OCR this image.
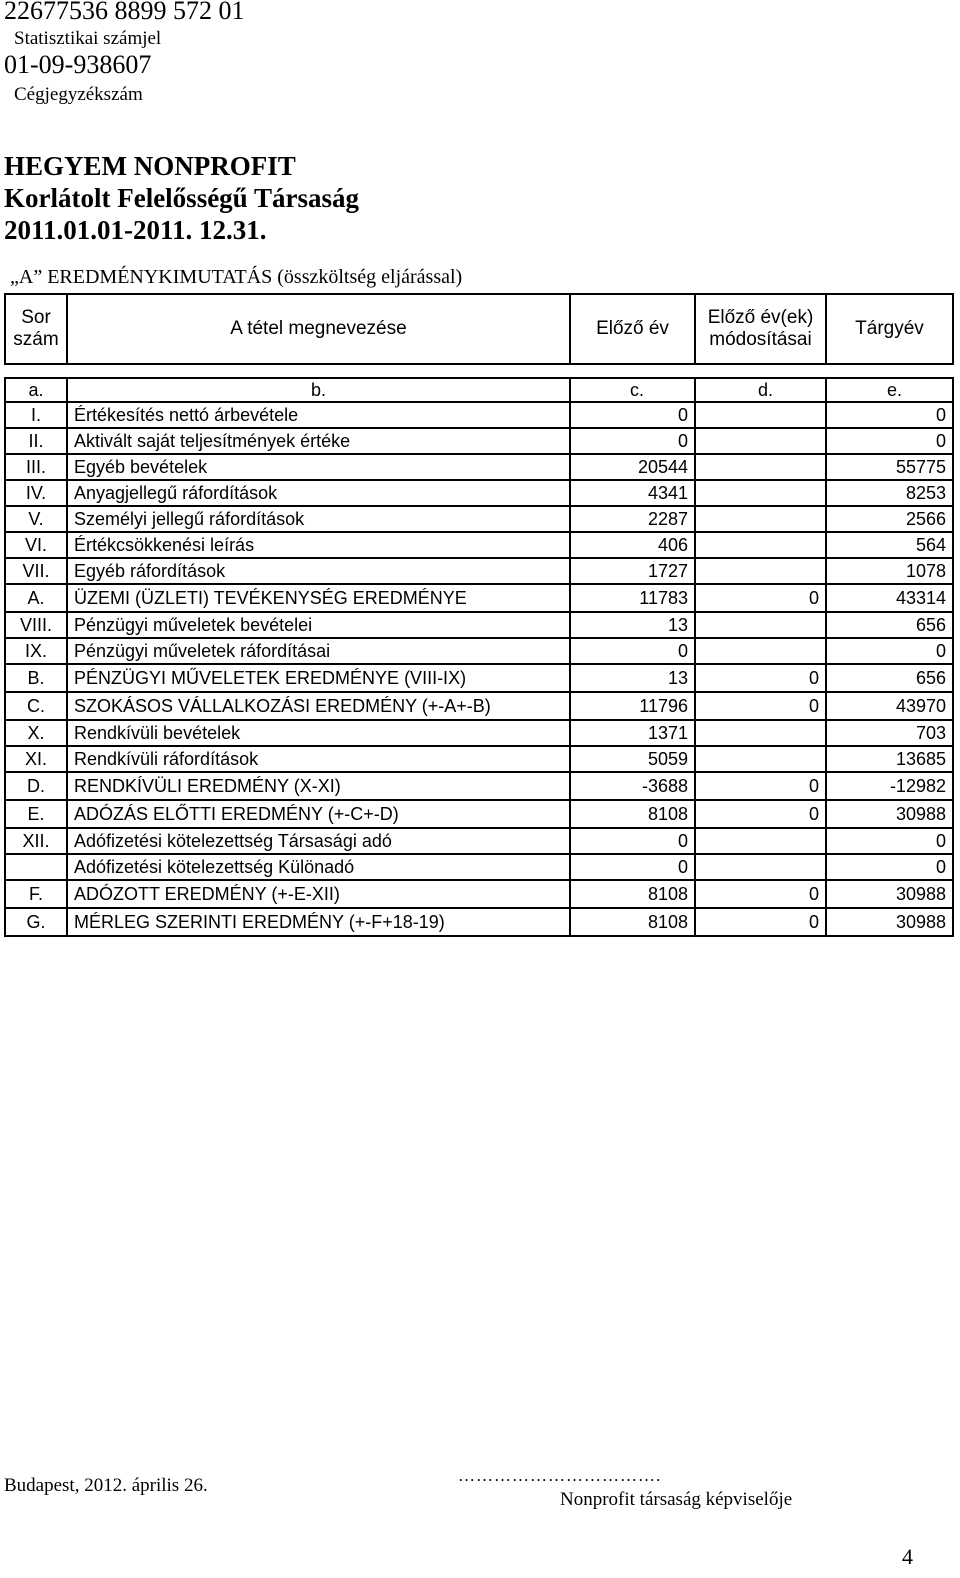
22677536 8899 572 01
Statisztikai számjel
01-09-938607
Cégjegyzékszám
HEGYEM NONPROFIT
Korlátolt Felelősségű Társaság
2011.01.01-2011. 12.31.
„A” EREDMÉNYKIMUTATÁS (összköltség eljárással)
Sor szám	A tétel megnevezése	Előző év	Előző év(ek) módosításai	Tárgyév

a.	b.	c.	d.	e.
I.	Értékesítés nettó árbevétele	0		0
II.	Aktivált saját teljesítmények értéke	0		0
III.	Egyéb bevételek	20544		55775
IV.	Anyagjellegű ráfordítások	4341		8253
V.	Személyi jellegű ráfordítások	2287		2566
VI.	Értékcsökkenési leírás	406		564
VII.	Egyéb ráfordítások	1727		1078
A.	ÜZEMI (ÜZLETI) TEVÉKENYSÉG EREDMÉNYE	11783	0	43314
VIII.	Pénzügyi műveletek bevételei	13		656
IX.	Pénzügyi műveletek ráfordításai	0		0
B.	PÉNZÜGYI MŰVELETEK EREDMÉNYE (VIII-IX)	13	0	656
C.	SZOKÁSOS VÁLLALKOZÁSI EREDMÉNY (+-A+-B)	11796	0	43970
X.	Rendkívüli bevételek	1371		703
XI.	Rendkívüli ráfordítások	5059		13685
D.	RENDKÍVÜLI EREDMÉNY (X-XI)	-3688	0	-12982
E.	ADÓZÁS ELŐTTI EREDMÉNY (+-C+-D)	8108	0	30988
XII.	Adófizetési kötelezettség Társasági adó	0		0
	Adófizetési kötelezettség Különadó	0		0
F.	ADÓZOTT EREDMÉNY (+-E-XII)	8108	0	30988
G.	MÉRLEG SZERINTI EREDMÉNY (+-F+18-19)	8108	0	30988
Budapest, 2012. április 26.	…………………………….
Nonprofit társaság képviselője
4
